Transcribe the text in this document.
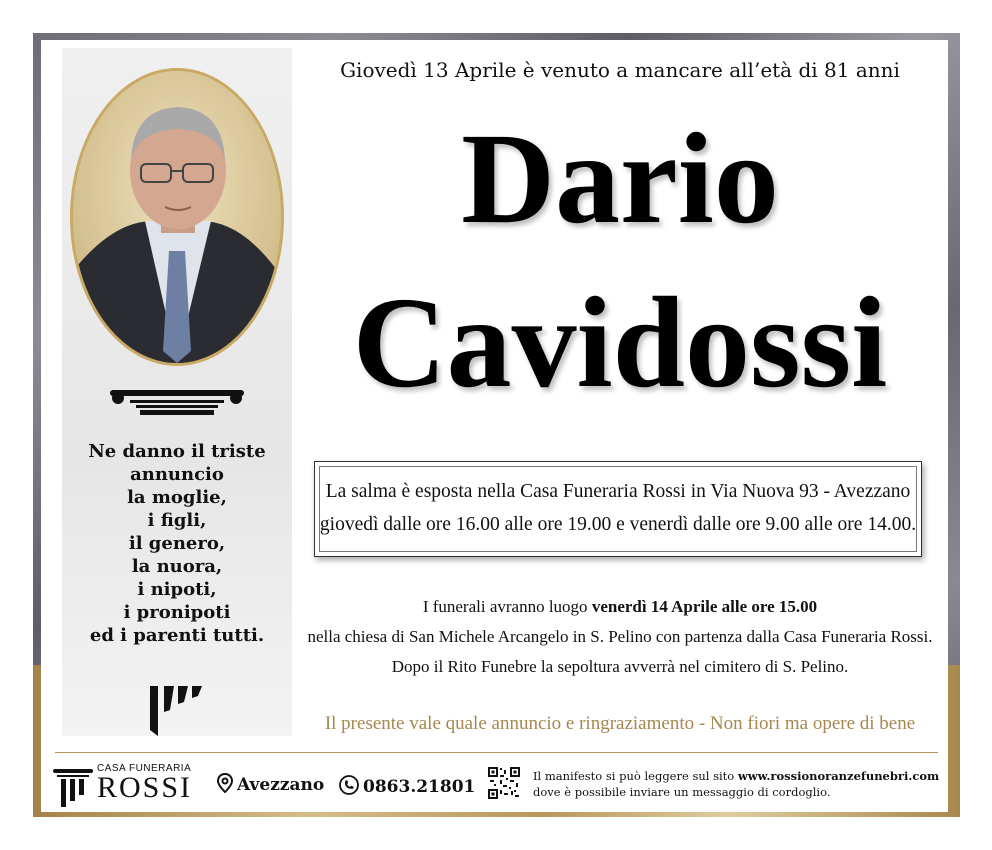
Ne danno il triste
annuncio
la moglie,
i figli,
il genero,
la nuora,
i nipoti,
i pronipoti
ed i parenti tutti.
Giovedì 13 Aprile è venuto a mancare all’età di 81 anni
Dario
Cavidossi
La salma è esposta nella Casa Funeraria Rossi in Via Nuova 93 - Avezzano
giovedì dalle ore 16.00 alle ore 19.00 e venerdì dalle ore 9.00 alle ore 14.00.
I funerali avranno luogo venerdì 14 Aprile alle ore 15.00
nella chiesa di San Michele Arcangelo in S. Pelino con partenza dalla Casa Funeraria Rossi.
Dopo il Rito Funebre la sepoltura avverrà nel cimitero di S. Pelino.
Il presente vale quale annuncio e ringraziamento - Non fiori ma opere di bene
CASA FUNERARIA
ROSSI	Avezzano	0863.21801
Il manifesto si può leggere sul sito www.rossionoranzefunebri.com
dove è possibile inviare un messaggio di cordoglio.
